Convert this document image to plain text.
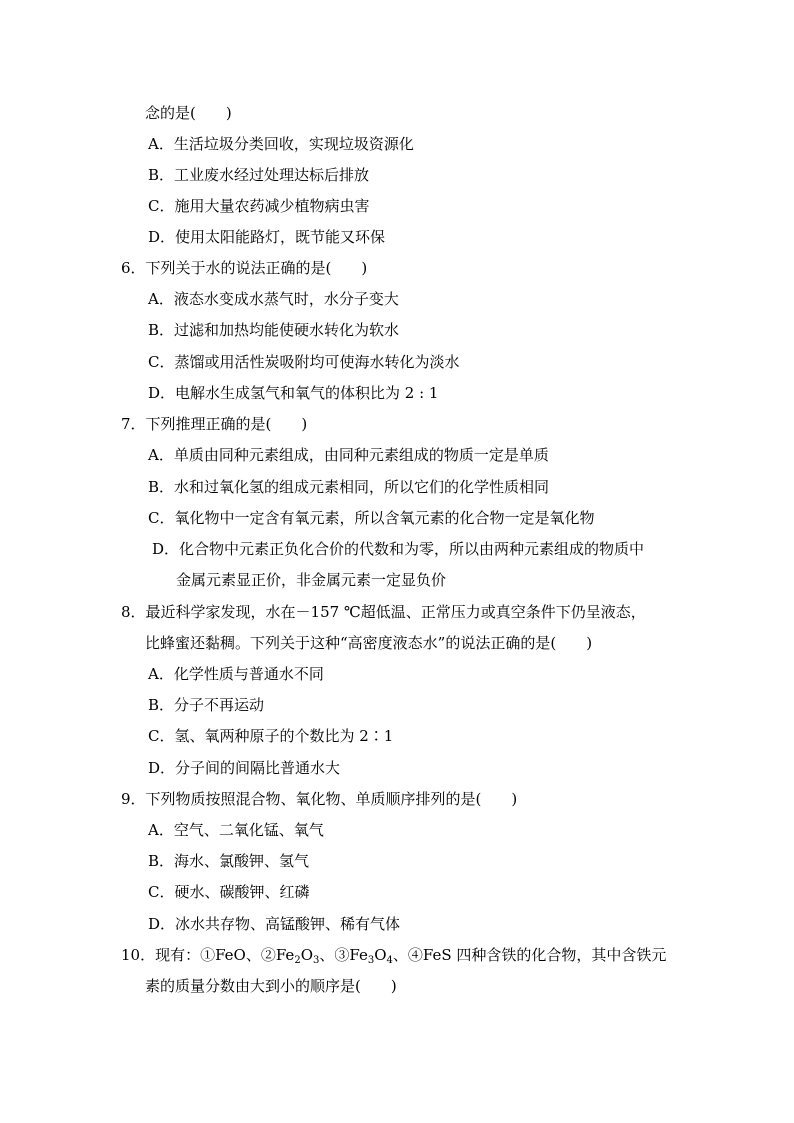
念的是(　　)
A．生活垃圾分类回收，实现垃圾资源化
B．工业废水经过处理达标后排放
C．施用大量农药减少植物病虫害
D．使用太阳能路灯，既节能又环保
6．下列关于水的说法正确的是(　　)
A．液态水变成水蒸气时，水分子变大
B．过滤和加热均能使硬水转化为软水
C．蒸馏或用活性炭吸附均可使海水转化为淡水
D．电解水生成氢气和氧气的体积比为 2 : 1
7．下列推理正确的是(　　)
A．单质由同种元素组成，由同种元素组成的物质一定是单质
B．水和过氧化氢的组成元素相同，所以它们的化学性质相同
C．氧化物中一定含有氧元素，所以含氧元素的化合物一定是氧化物
D．化合物中元素正负化合价的代数和为零，所以由两种元素组成的物质中
金属元素显正价，非金属元素一定显负价
8．最近科学家发现，水在－157 ℃超低温、正常压力或真空条件下仍呈液态，
比蜂蜜还黏稠。下列关于这种“高密度液态水”的说法正确的是(　　)
A．化学性质与普通水不同
B．分子不再运动
C．氢、氧两种原子的个数比为 2∶1
D．分子间的间隔比普通水大
9．下列物质按照混合物、氧化物、单质顺序排列的是(　　)
A．空气、二氧化锰、氧气
B．海水、氯酸钾、氢气
C．硬水、碳酸钾、红磷
D．冰水共存物、高锰酸钾、稀有气体
10．现有：①FeO、$②Fe_2O_3$、$③Fe_3O_4$、④FeS 四种含铁的化合物，其中含铁元
素的质量分数由大到小的顺序是(　　)
